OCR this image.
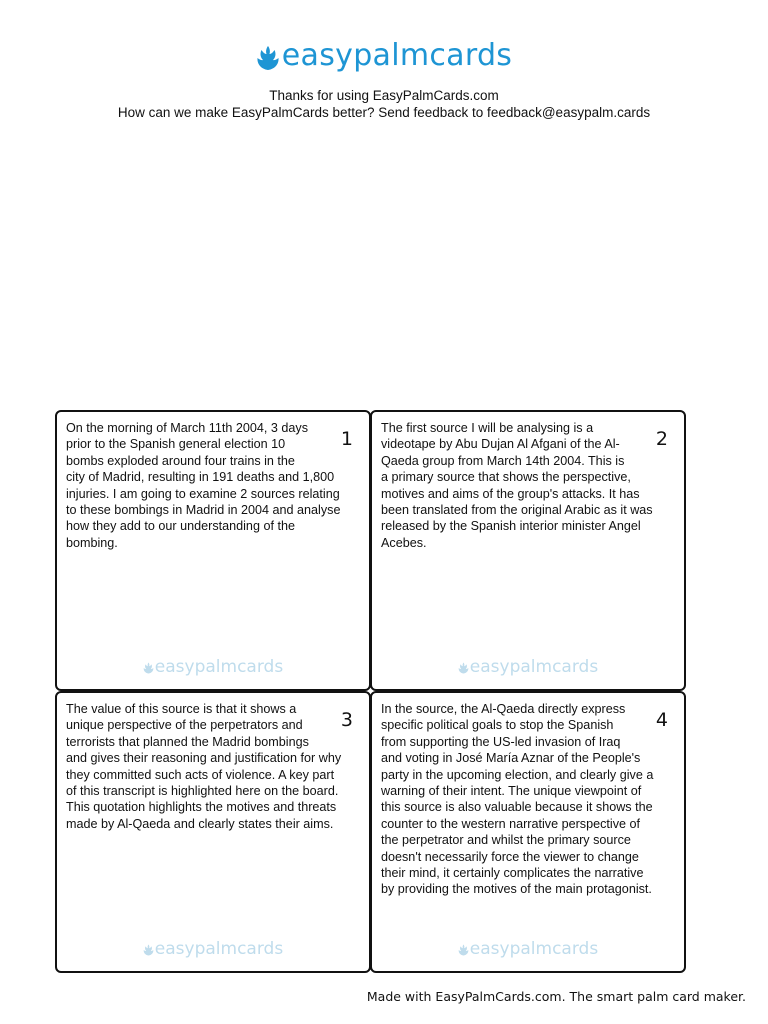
easypalmcards
Thanks for using EasyPalmCards.com
How can we make EasyPalmCards better? Send feedback to feedback@easypalm.cards

On the morning of March 11th 2004, 3 days
prior to the Spanish general election 10
bombs exploded around four trains in the
city of Madrid, resulting in 191 deaths and 1,800
injuries. I am going to examine 2 sources relating
to these bombings in Madrid in 2004 and analyse
how they add to our understanding of the
bombing.

1
easypalmcards

The first source I will be analysing is a
videotape by Abu Dujan Al Afgani of the Al-
Qaeda group from March 14th 2004. This is
a primary source that shows the perspective,
motives and aims of the group's attacks. It has
been translated from the original Arabic as it was
released by the Spanish interior minister Angel
Acebes.

2
easypalmcards

The value of this source is that it shows a
unique perspective of the perpetrators and
terrorists that planned the Madrid bombings
and gives their reasoning and justification for why
they committed such acts of violence. A key part
of this transcript is highlighted here on the board.
This quotation highlights the motives and threats
made by Al-Qaeda and clearly states their aims.

3
easypalmcards

In the source, the Al-Qaeda directly express
specific political goals to stop the Spanish
from supporting the US-led invasion of Iraq
and voting in José María Aznar of the People's
party in the upcoming election, and clearly give a
warning of their intent. The unique viewpoint of
this source is also valuable because it shows the
counter to the western narrative perspective of
the perpetrator and whilst the primary source
doesn't necessarily force the viewer to change
their mind, it certainly complicates the narrative
by providing the motives of the main protagonist.

4
easypalmcards
Made with EasyPalmCards.com. The smart palm card maker.
